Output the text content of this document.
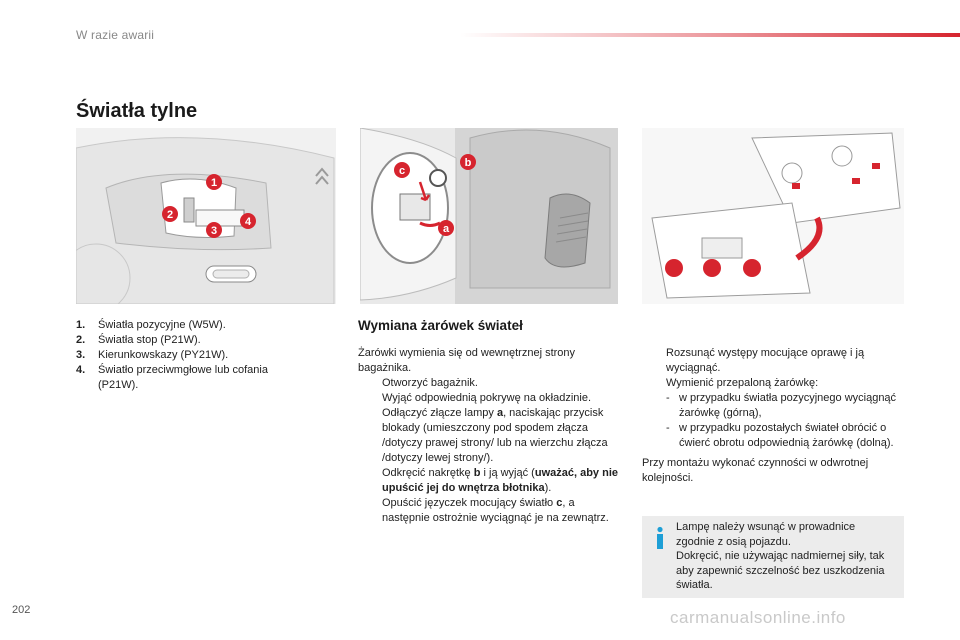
W razie awarii
Światła tylne
1
2
3
4
c
b
a
1.	Światła pozycyjne (W5W).
2.	Światła stop (P21W).
3.	Kierunkowskazy (PY21W).
4.	Światło przeciwmgłowe lub cofania (P21W).
Wymiana żarówek świateł

Żarówki wymienia się od wewnętrznej strony bagażnika.

Otworzyć bagażnik.
Wyjąć odpowiednią pokrywę na okładzinie.
Odłączyć złącze lampy a, naciskając przycisk blokady (umieszczony pod spodem złącza /dotyczy prawej strony/ lub na wierzchu złącza /dotyczy lewej strony/).
Odkręcić nakrętkę b i ją wyjąć (uważać, aby nie upuścić jej do wnętrza błotnika).
Opuścić języczek mocujący światło c, a następnie ostrożnie wyciągnąć je na zewnątrz.
Rozsunąć występy mocujące oprawę i ją wyciągnąć.
Wymienić przepaloną żarówkę:
- w przypadku światła pozycyjnego wyciągnąć żarówkę (górną),
- w przypadku pozostałych świateł obrócić o ćwierć obrotu odpowiednią żarówkę (dolną).

Przy montażu wykonać czynności w odwrotnej kolejności.

Lampę należy wsunąć w prowadnice zgodnie z osią pojazdu.

Dokręcić, nie używając nadmiernej siły, tak aby zapewnić szczelność bez uszkodzenia światła.

202	carmanualsonline.info
